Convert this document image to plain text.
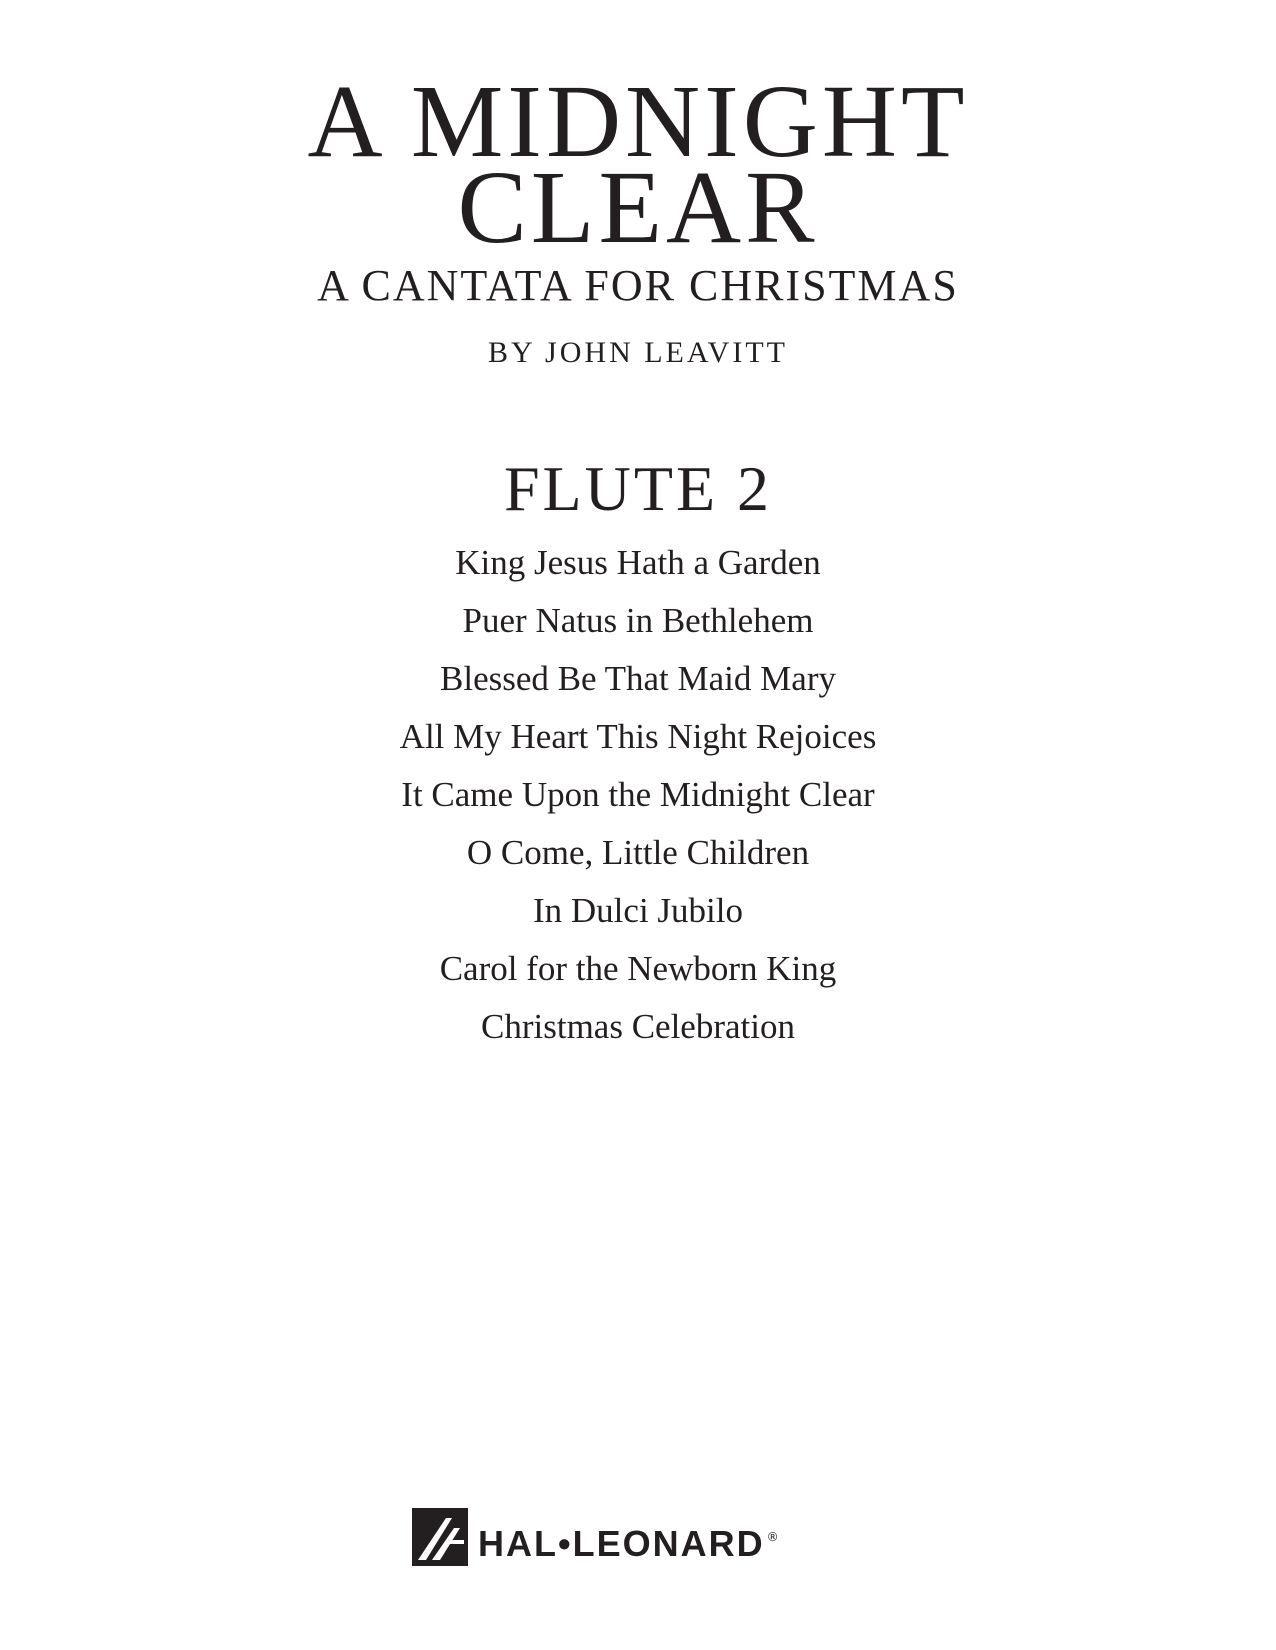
A MIDNIGHT
CLEAR
A CANTATA FOR CHRISTMAS
BY JOHN LEAVITT
FLUTE 2
King Jesus Hath a Garden
Puer Natus in Bethlehem
Blessed Be That Maid Mary
All My Heart This Night Rejoices
It Came Upon the Midnight Clear
O Come, Little Children
In Dulci Jubilo
Carol for the Newborn King
Christmas Celebration
HAL•LEONARD ®
